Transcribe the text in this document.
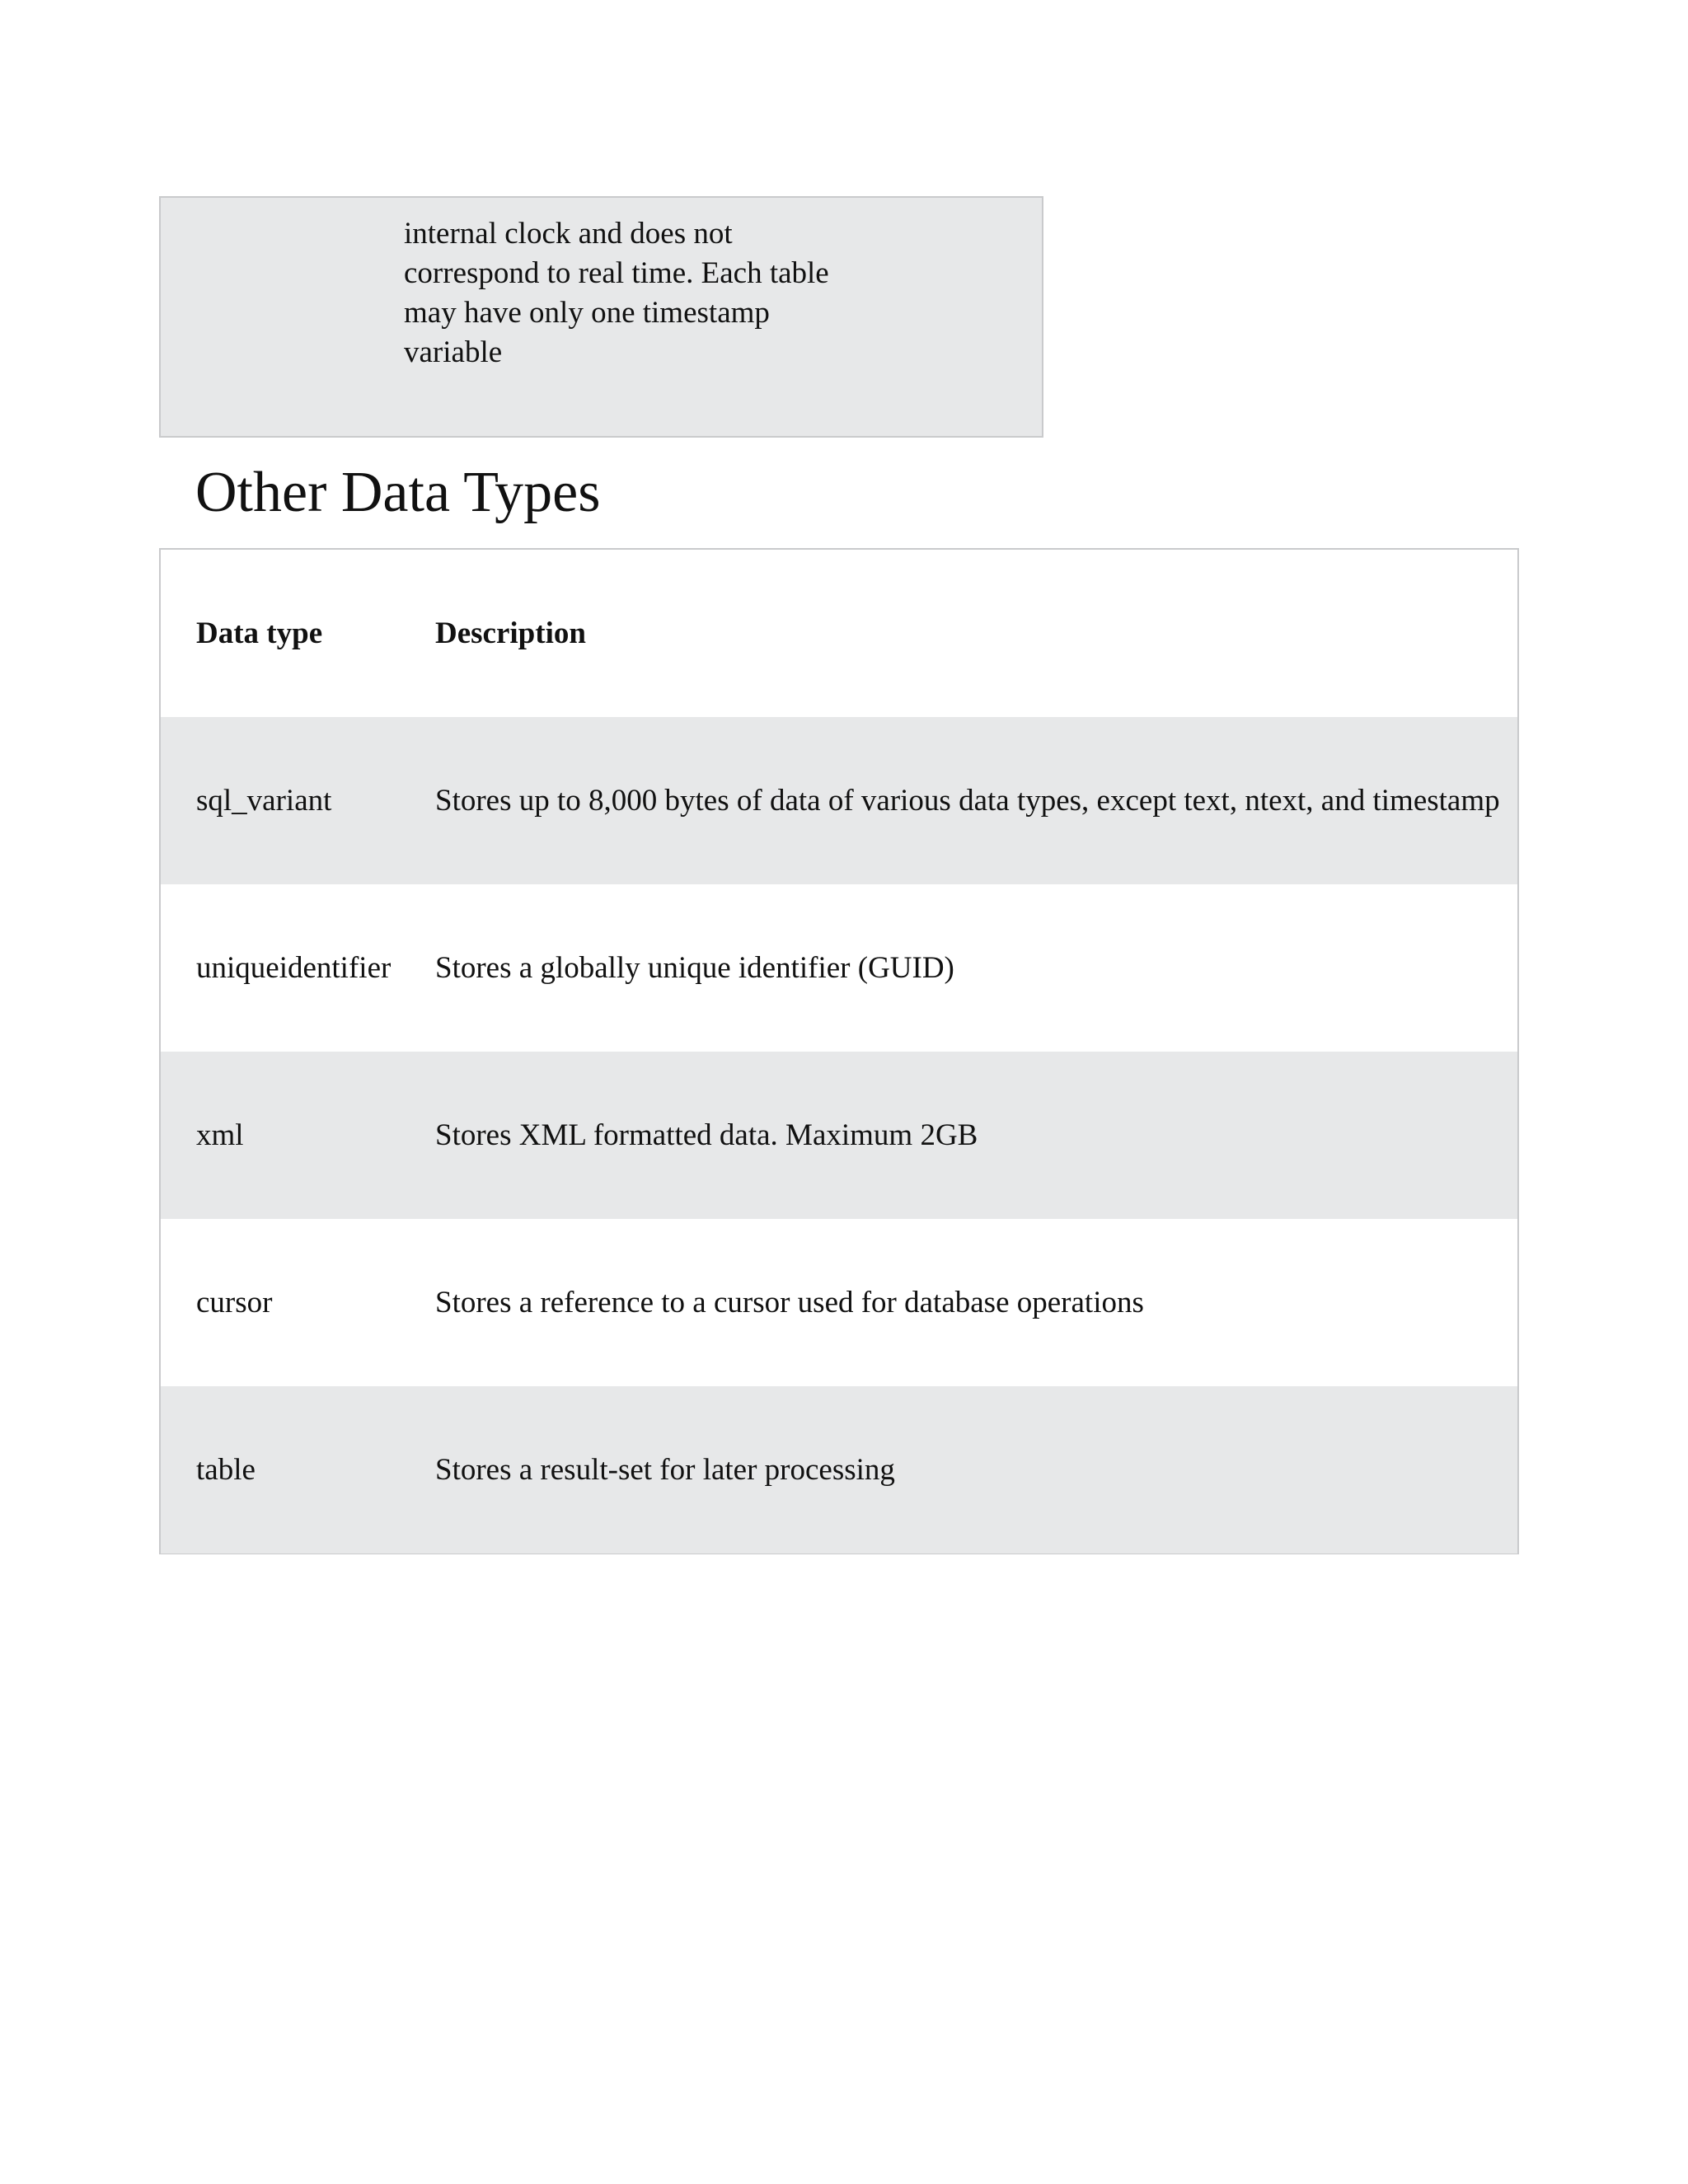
internal clock and does not
correspond to real time. Each table
may have only one timestamp
variable
Other Data Types
Data type	Description
sql_variant	Stores up to 8,000 bytes of data of various data types, except text, ntext, and timestamp
uniqueidentifier Stores a globally unique identifier (GUID)
xml	Stores XML formatted data. Maximum 2GB
cursor	Stores a reference to a cursor used for database operations
table	Stores a result-set for later processing
